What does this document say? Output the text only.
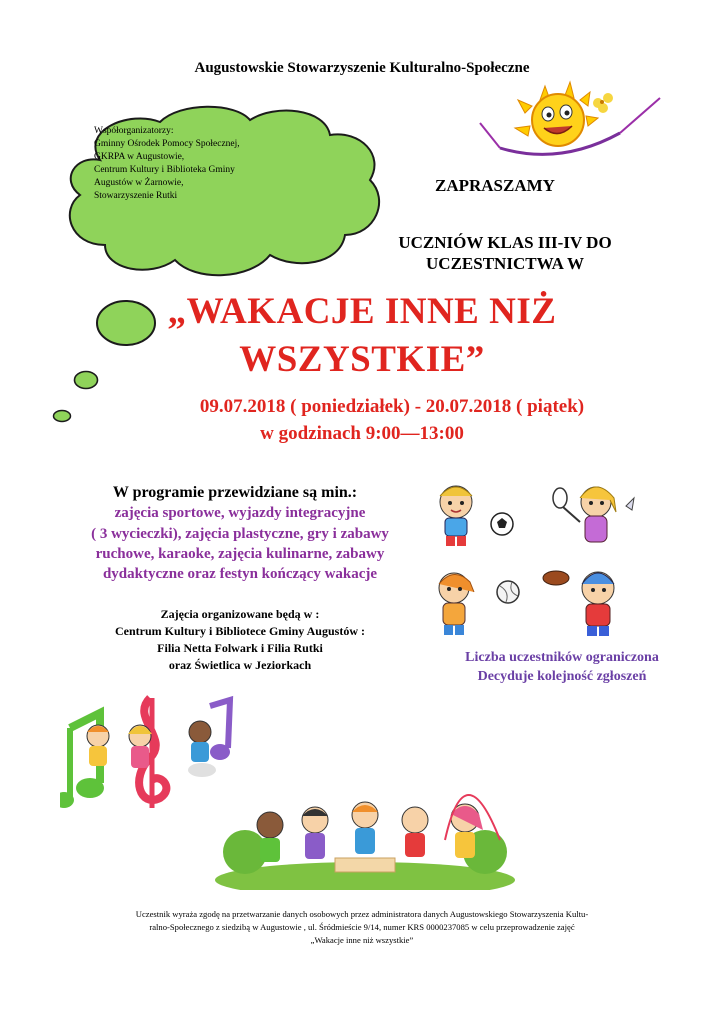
Augustowskie Stowarzyszenie Kulturalno-Społeczne
Współorganizatorzy:
Gminny Ośrodek Pomocy Społecznej,
GKRPA w Augustowie,
Centrum Kultury i Biblioteka Gminy
Augustów w Żarnowie,
Stowarzyszenie Rutki
ZAPRASZAMY
UCZNIÓW KLAS III-IV DO
UCZESTNICTWA W
„WAKACJE INNE NIŻ
WSZYSTKIE”
09.07.2018 ( poniedziałek) - 20.07.2018 ( piątek)
w godzinach 9:00—13:00
W programie przewidziane są min.:
zajęcia sportowe, wyjazdy integracyjne
( 3 wycieczki), zajęcia plastyczne, gry i zabawy
ruchowe, karaoke, zajęcia kulinarne, zabawy
dydaktyczne oraz festyn kończący wakacje
Zajęcia organizowane będą w :
Centrum Kultury i Bibliotece Gminy Augustów :
Filia Netta Folwark i Filia Rutki
oraz Świetlica w Jeziorkach	Liczba uczestników ograniczona
Decyduje kolejność zgłoszeń
Uczestnik wyraża zgodę na przetwarzanie danych osobowych przez administratora danych Augustowskiego Stowarzyszenia Kultu-
ralno-Społecznego z siedzibą w Augustowie , ul. Śródmieście 9/14, numer KRS 0000237085 w celu przeprowadzenie zajęć
„Wakacje inne niż wszystkie”
